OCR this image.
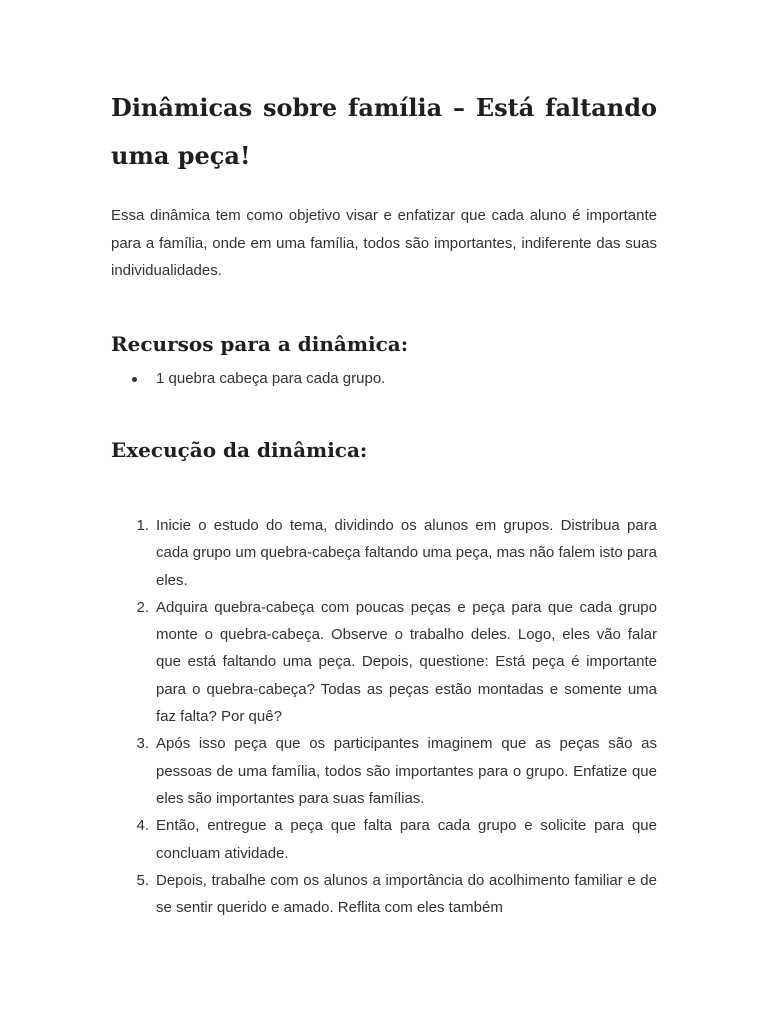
Dinâmicas sobre família – Está faltando uma peça!

Essa dinâmica tem como objetivo visar e enfatizar que cada aluno é importante para a família, onde em uma família, todos são importantes, indiferente das suas individualidades.

Recursos para a dinâmica:
1 quebra cabeça para cada grupo.
Execução da dinâmica:
1. Inicie o estudo do tema, dividindo os alunos em grupos. Distribua para cada grupo um quebra-cabeça faltando uma peça, mas não falem isto para eles.
2. Adquira quebra-cabeça com poucas peças e peça para que cada grupo monte o quebra-cabeça. Observe o trabalho deles. Logo, eles vão falar que está faltando uma peça. Depois, questione: Está peça é importante para o quebra-cabeça? Todas as peças estão montadas e somente uma faz falta? Por quê?
3. Após isso peça que os participantes imaginem que as peças são as pessoas de uma família, todos são importantes para o grupo. Enfatize que eles são importantes para suas famílias.
4. Então, entregue a peça que falta para cada grupo e solicite para que concluam atividade.
5. Depois, trabalhe com os alunos a importância do acolhimento familiar e de se sentir querido e amado. Reflita com eles também
